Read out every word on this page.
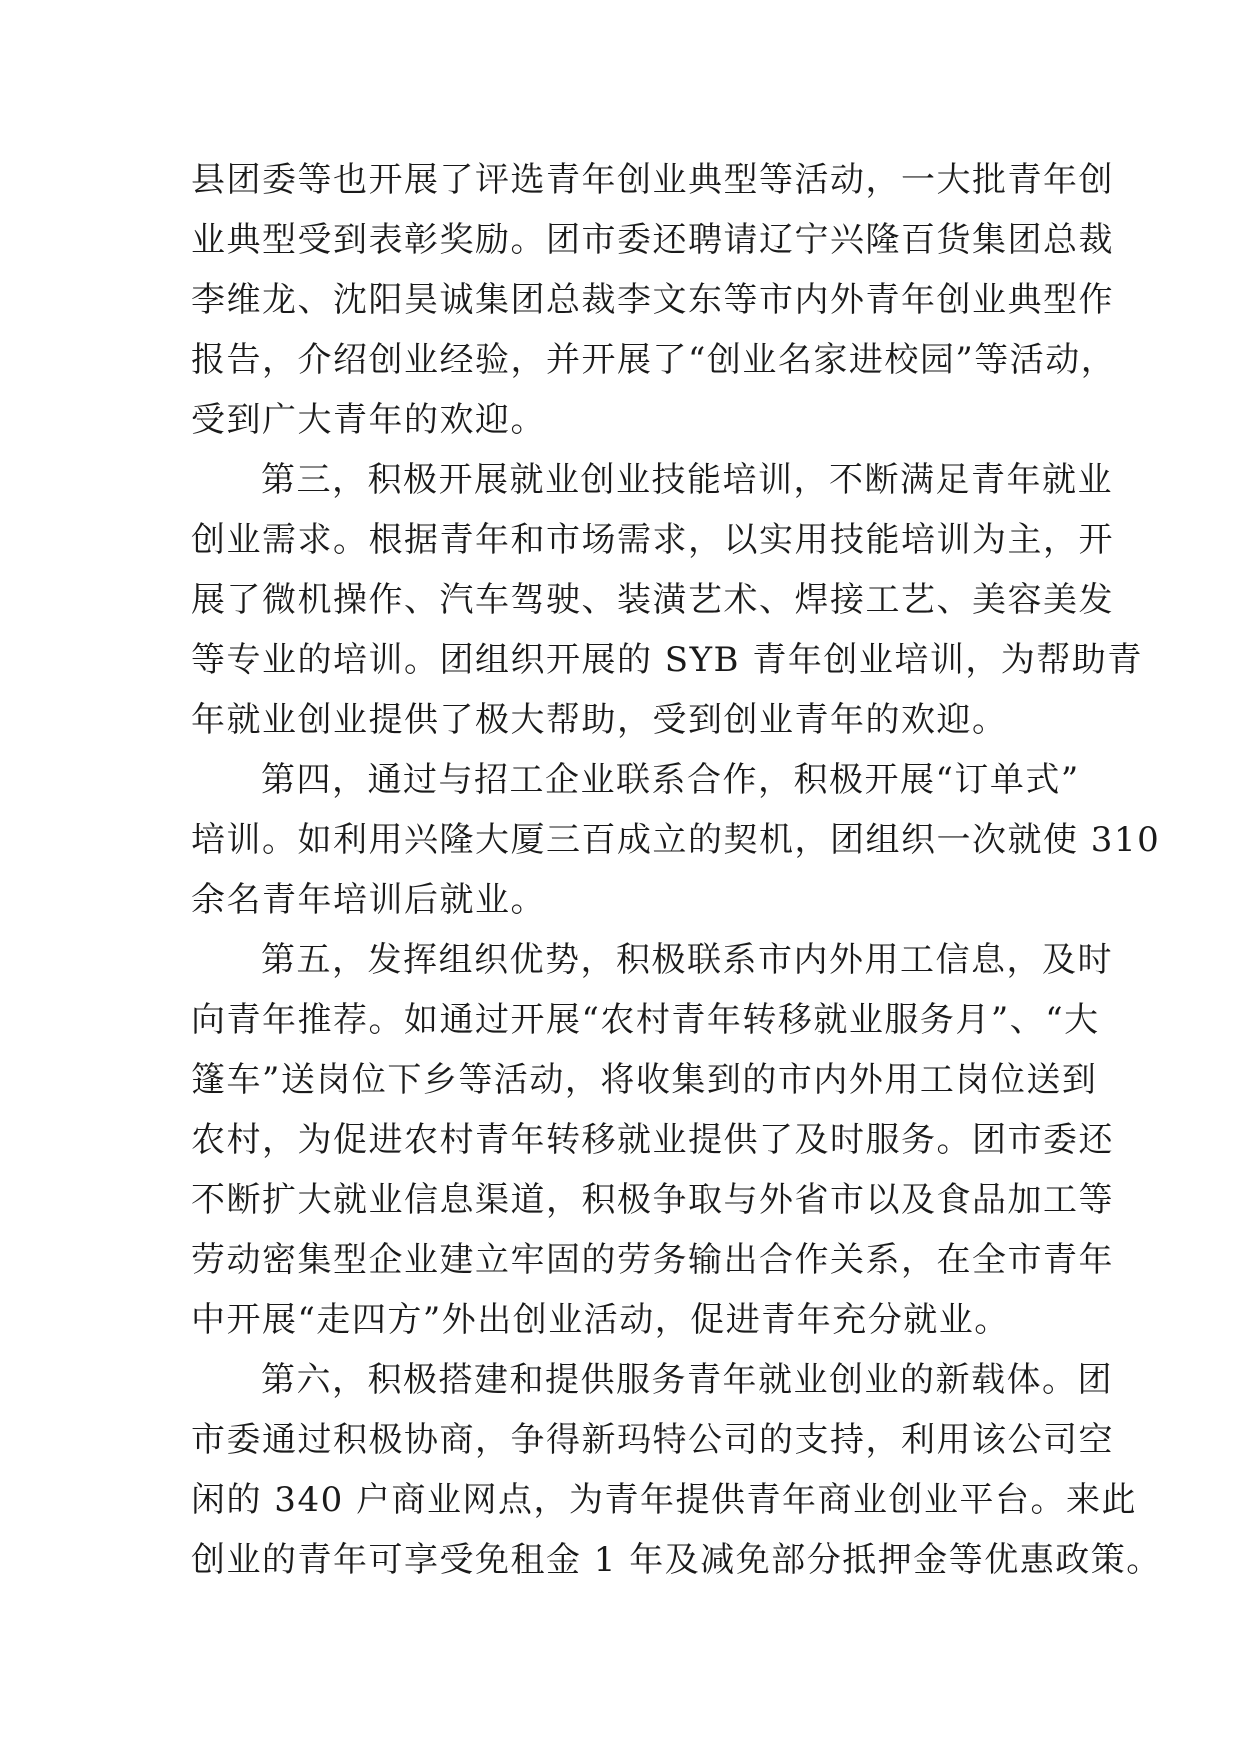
县团委等也开展了评选青年创业典型等活动，一大批青年创
业典型受到表彰奖励。团市委还聘请辽宁兴隆百货集团总裁
李维龙、沈阳昊诚集团总裁李文东等市内外青年创业典型作
报告，介绍创业经验，并开展了“创业名家进校园”等活动，
受到广大青年的欢迎。
第三，积极开展就业创业技能培训，不断满足青年就业
创业需求。根据青年和市场需求，以实用技能培训为主，开
展了微机操作、汽车驾驶、装潢艺术、焊接工艺、美容美发
等专业的培训。团组织开展的 SYB 青年创业培训，为帮助青
年就业创业提供了极大帮助，受到创业青年的欢迎。
第四，通过与招工企业联系合作，积极开展“订单式”
培训。如利用兴隆大厦三百成立的契机，团组织一次就使 310
余名青年培训后就业。
第五，发挥组织优势，积极联系市内外用工信息，及时
向青年推荐。如通过开展“农村青年转移就业服务月”、“大
篷车”送岗位下乡等活动，将收集到的市内外用工岗位送到
农村，为促进农村青年转移就业提供了及时服务。团市委还
不断扩大就业信息渠道，积极争取与外省市以及食品加工等
劳动密集型企业建立牢固的劳务输出合作关系，在全市青年
中开展“走四方”外出创业活动，促进青年充分就业。
第六，积极搭建和提供服务青年就业创业的新载体。团
市委通过积极协商，争得新玛特公司的支持，利用该公司空
闲的 340 户商业网点，为青年提供青年商业创业平台。来此
创业的青年可享受免租金 1 年及减免部分抵押金等优惠政策。
